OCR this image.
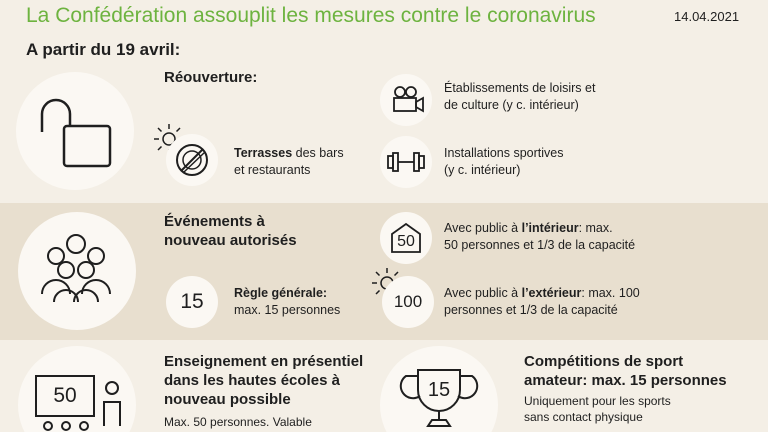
La Confédération assouplit les mesures contre le coronavirus	14.04.2021
A partir du 19 avril:
Réouverture:
Terrasses des bars
et restaurants
Établissements de loisirs et
de culture (y c. intérieur)
Installations sportives
(y c. intérieur)
Événements à
nouveau autorisés
15	Règle générale:
max. 15 personnes
50
Avec public à l’intérieur: max.
50 personnes et 1/3 de la capacité
100	Avec public à l’extérieur: max. 100
personnes et 1/3 de la capacité
50
Enseignement en présentiel
dans les hautes écoles à
nouveau possible
Max. 50 personnes. Valable
15
Compétitions de sport
amateur: max. 15 personnes
Uniquement pour les sports
sans contact physique
